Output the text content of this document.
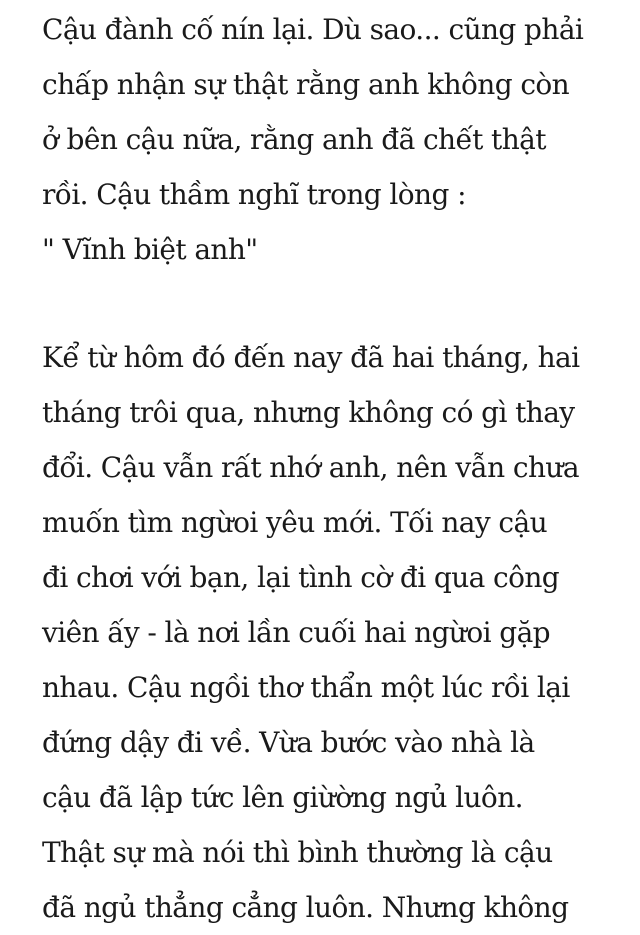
Cậu đành cố nín lại. Dù sao... cũng phải
chấp nhận sự thật rằng anh không còn
ở bên cậu nữa, rằng anh đã chết thật
rồi. Cậu thầm nghĩ trong lòng :
" Vĩnh biệt anh"
Kể từ hôm đó đến nay đã hai tháng, hai
tháng trôi qua, nhưng không có gì thay
đổi. Cậu vẫn rất nhớ anh, nên vẫn chưa
muốn tìm ngừoi yêu mới. Tối nay cậu
đi chơi với bạn, lại tình cờ đi qua công
viên ấy - là nơi lần cuối hai ngừoi gặp
nhau. Cậu ngồi thơ thẩn một lúc rồi lại
đứng dậy đi về. Vừa bước vào nhà là
cậu đã lập tức lên giừờng ngủ luôn.
Thật sự mà nói thì bình thường là cậu
đã ngủ thẳng cẳng luôn. Nhưng không
